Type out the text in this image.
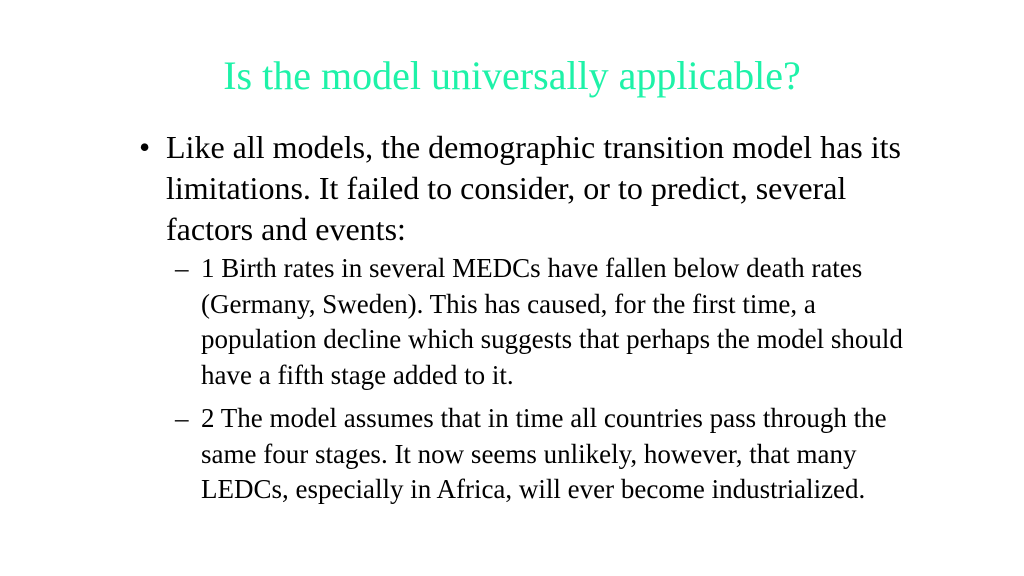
Is the model universally applicable?
• Like all models, the demographic transition model has its limitations. It failed to consider, or to predict, several factors and events:
– 1 Birth rates in several MEDCs have fallen below death rates (Germany, Sweden). This has caused, for the first time, a population decline which suggests that perhaps the model should have a fifth stage added to it.
– 2 The model assumes that in time all countries pass through the same four stages. It now seems unlikely, however, that many LEDCs, especially in Africa, will ever become industrialized.
